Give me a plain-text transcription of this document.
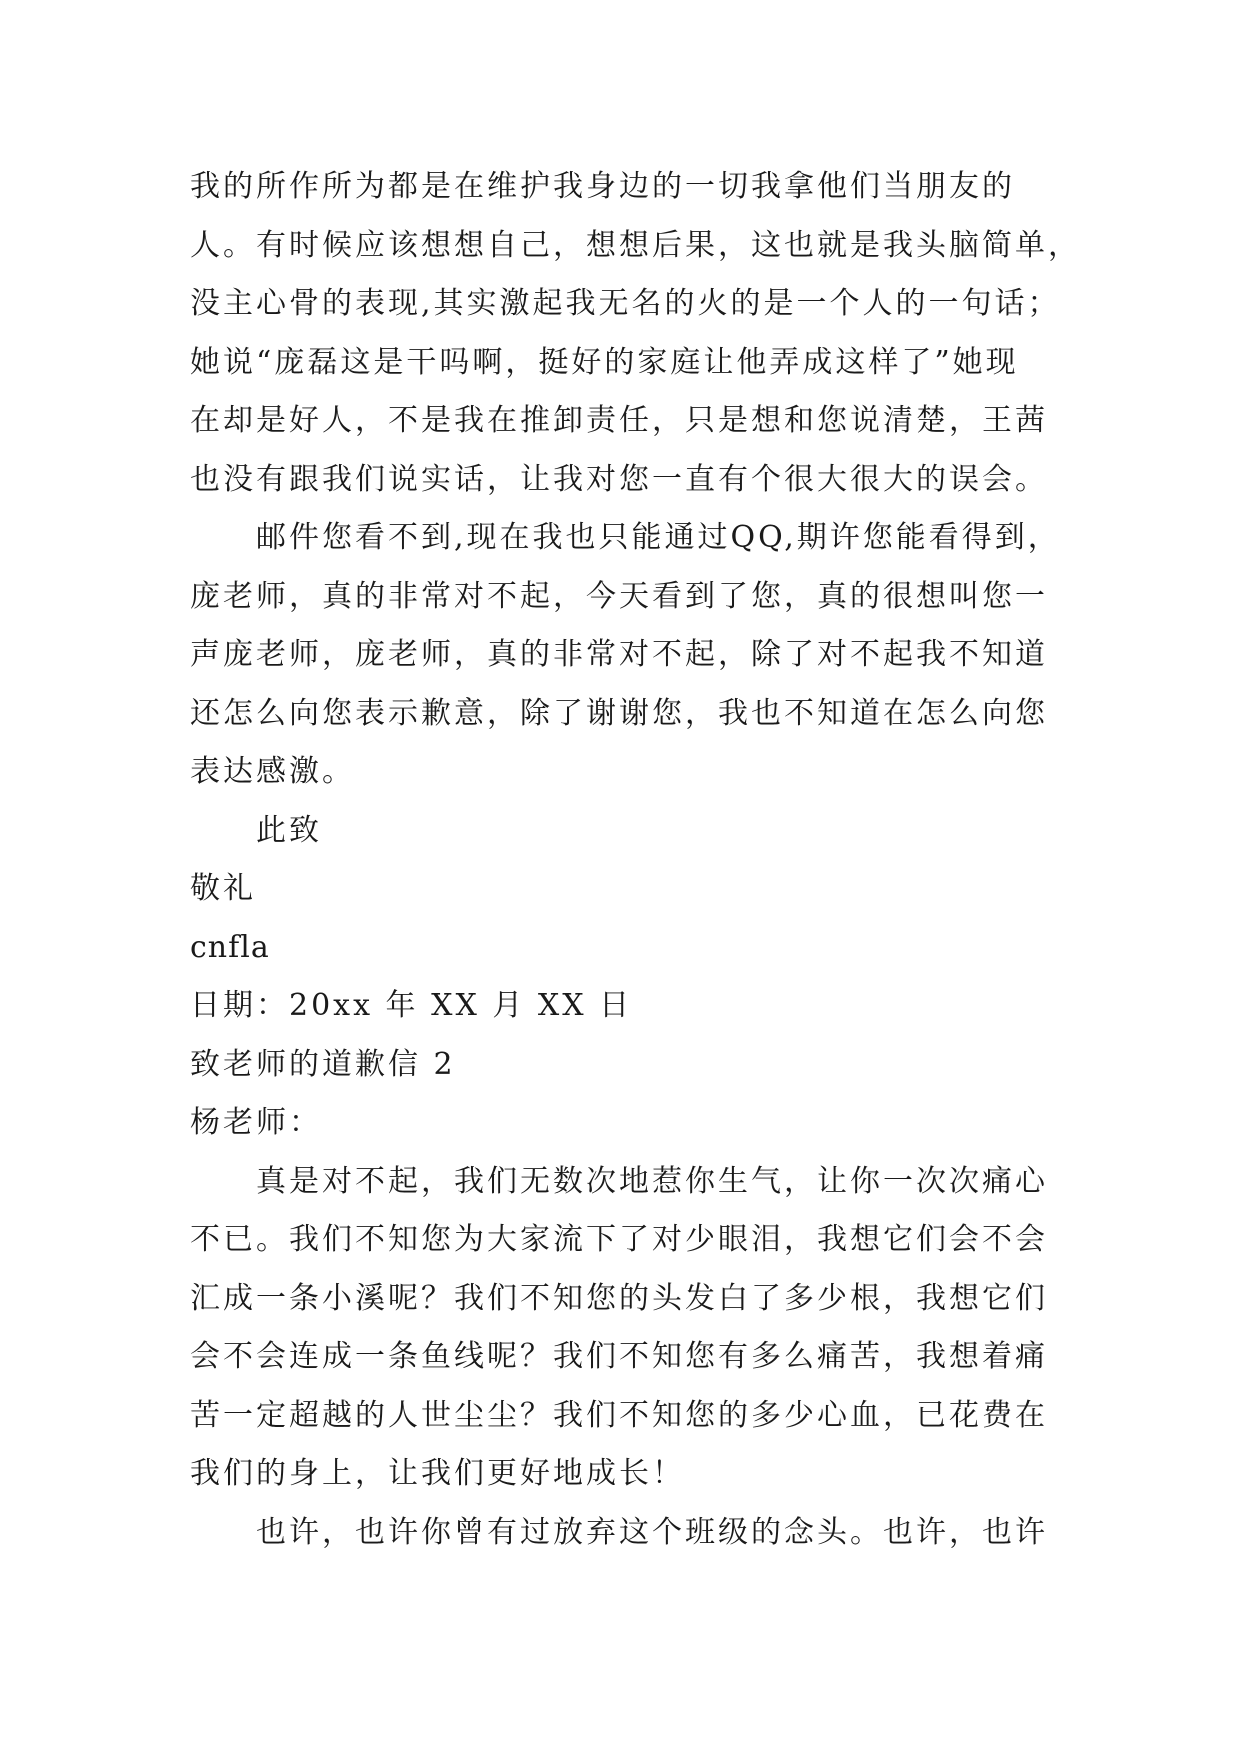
我的所作所为都是在维护我身边的一切我拿他们当朋友的
人。有时候应该想想自己，想想后果，这也就是我头脑简单，
没主心骨的表现,其实激起我无名的火的是一个人的一句话；
她说“庞磊这是干吗啊，挺好的家庭让他弄成这样了”她现
在却是好人，不是我在推卸责任，只是想和您说清楚，王茜
也没有跟我们说实话，让我对您一直有个很大很大的误会。
邮件您看不到,现在我也只能通过QQ,期许您能看得到，
庞老师，真的非常对不起，今天看到了您，真的很想叫您一
声庞老师，庞老师，真的非常对不起，除了对不起我不知道
还怎么向您表示歉意，除了谢谢您，我也不知道在怎么向您
表达感激。
此致
敬礼
cnfla
日期：20xx 年 XX 月 XX 日
致老师的道歉信 2
杨老师：
真是对不起，我们无数次地惹你生气，让你一次次痛心
不已。我们不知您为大家流下了对少眼泪，我想它们会不会
汇成一条小溪呢？我们不知您的头发白了多少根，我想它们
会不会连成一条鱼线呢？我们不知您有多么痛苦，我想着痛
苦一定超越的人世尘尘？我们不知您的多少心血，已花费在
我们的身上，让我们更好地成长！
也许，也许你曾有过放弃这个班级的念头。也许，也许
